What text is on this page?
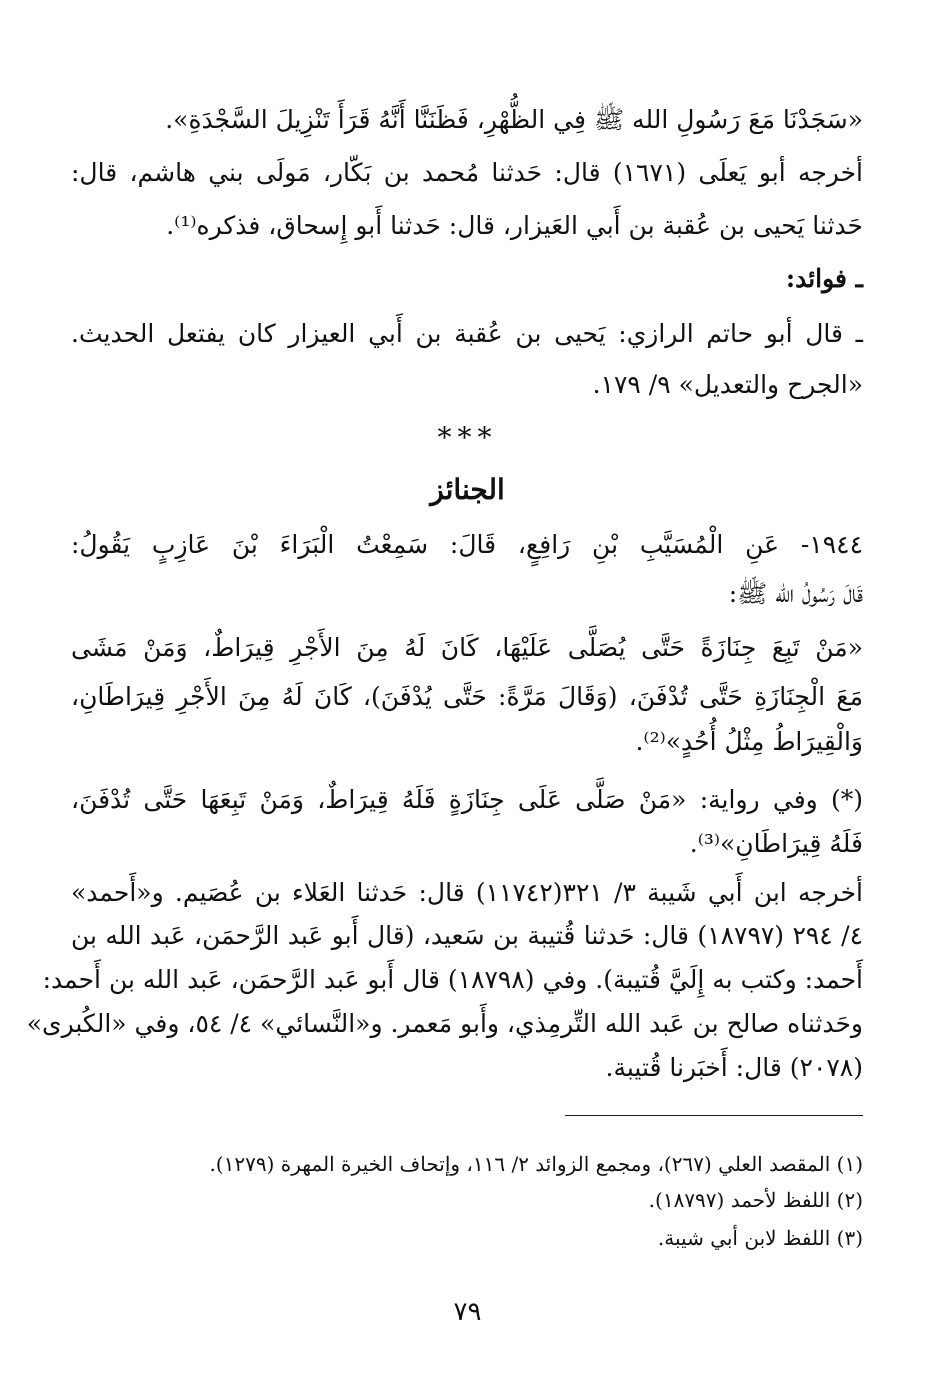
«سَجَدْنَا مَعَ رَسُولِ الله ﷺ فِي الظُّهْرِ، فَظَنَنَّا أَنَّهُ قَرَأَ تَنْزِيلَ السَّجْدَةِ».
أخرجه أبو يَعلَى (١٦٧١) قال: حَدثنا مُحمد بن بَكّار، مَولَى بني هاشم، قال:
حَدثنا يَحيى بن عُقبة بن أَبي العَيزار، قال: حَدثنا أَبو إِسحاق، فذكره⁽¹⁾.
ـ فوائد:
ـ قال أبو حاتم الرازي: يَحيى بن عُقبة بن أَبي العيزار كان يفتعل الحديث.
«الجرح والتعديل» ٩/ ١٧٩.
***
الجنائز
١٩٤٤- عَنِ الْمُسَيَّبِ بْنِ رَافِعٍ، قَالَ: سَمِعْتُ الْبَرَاءَ بْنَ عَازِبٍ يَقُولُ:
قَالَ رَسُولُ الله ﷺ:
«مَنْ تَبِعَ جِنَازَةً حَتَّى يُصَلَّى عَلَيْهَا، كَانَ لَهُ مِنَ الأَجْرِ قِيرَاطٌ، وَمَنْ مَشَى
مَعَ الْجِنَازَةِ حَتَّى تُدْفَنَ، (وَقَالَ مَرَّةً: حَتَّى يُدْفَنَ)، كَانَ لَهُ مِنَ الأَجْرِ قِيرَاطَانِ،
وَالْقِيرَاطُ مِثْلُ أُحُدٍ»⁽²⁾.
(*) وفي رواية: «مَنْ صَلَّى عَلَى جِنَازَةٍ فَلَهُ قِيرَاطٌ، وَمَنْ تَبِعَهَا حَتَّى تُدْفَنَ،
فَلَهُ قِيرَاطَانِ»⁽³⁾.
أخرجه ابن أَبي شَيبة ٣/ ٣٢١(١١٧٤٢) قال: حَدثنا العَلاء بن عُصَيم. و«أَحمد»
٤/ ٢٩٤ (١٨٧٩٧) قال: حَدثنا قُتيبة بن سَعيد، (قال أَبو عَبد الرَّحمَن، عَبد الله بن
أَحمد: وكتب به إِلَيَّ قُتيبة). وفي (١٨٧٩٨) قال أَبو عَبد الرَّحمَن، عَبد الله بن أَحمد:
وحَدثناه صالح بن عَبد الله التِّرمِذي، وأَبو مَعمر. و«النَّسائي» ٤/ ٥٤، وفي «الكُبرى»
(٢٠٧٨) قال: أَخبَرنا قُتيبة.
(١) المقصد العلي (٢٦٧)، ومجمع الزوائد ٢/ ١١٦، وإتحاف الخيرة المهرة (١٢٧٩).
(٢) اللفظ لأحمد (١٨٧٩٧).
(٣) اللفظ لابن أبي شيبة.
٧٩
